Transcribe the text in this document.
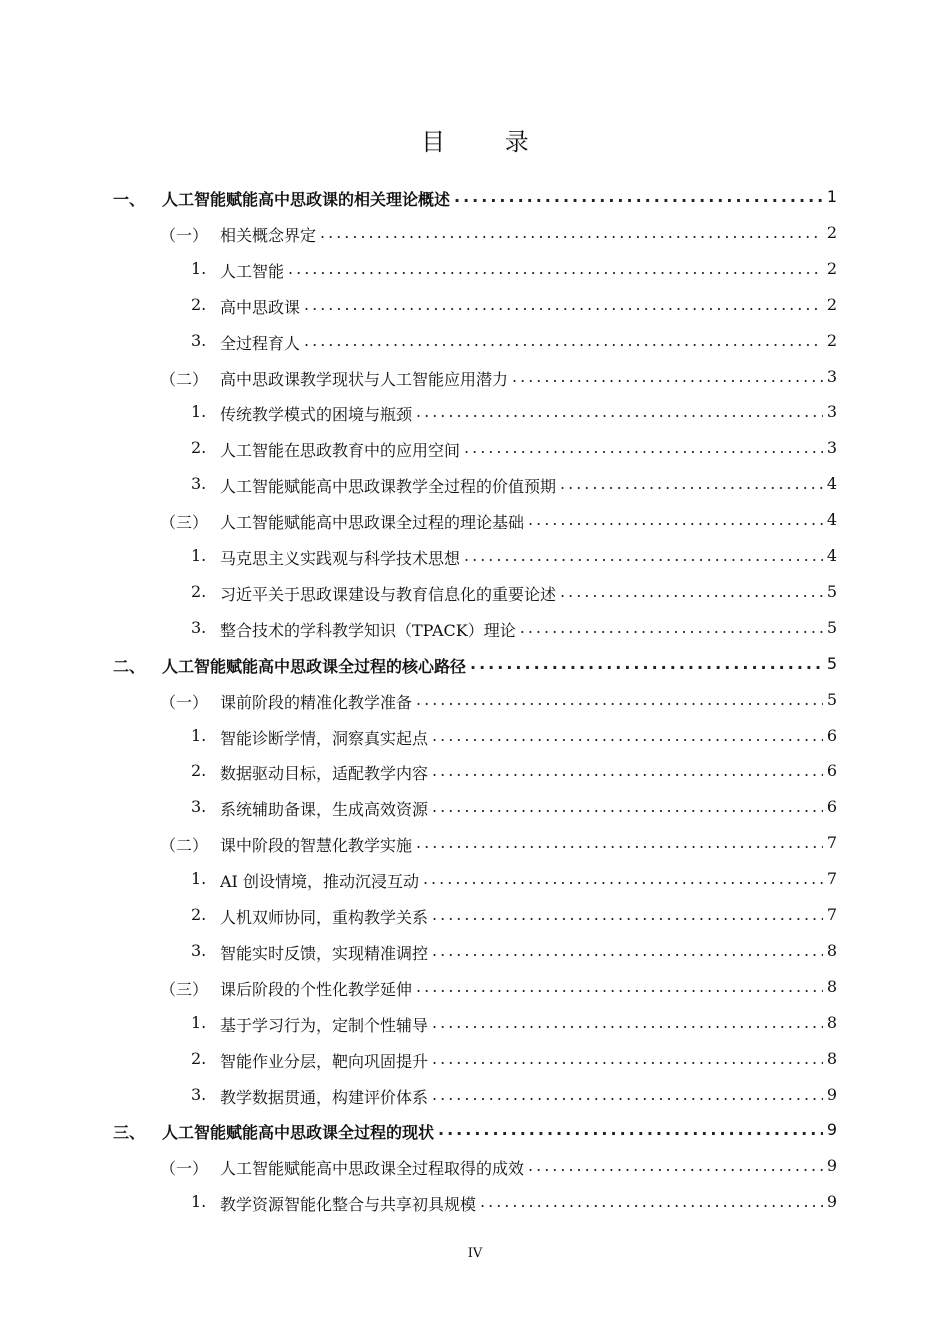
目 录
一、 人工智能赋能高中思政课的相关理论概述 .....	1
（一） 相关概念界定 .....	2
1. 人工智能 .....	2
2. 高中思政课 .....	2
3. 全过程育人 .....	2
（二） 高中思政课教学现状与人工智能应用潜力 .....	3
1. 传统教学模式的困境与瓶颈 .....	3
2. 人工智能在思政教育中的应用空间 .....	3
3. 人工智能赋能高中思政课教学全过程的价值预期 .....	4
（三） 人工智能赋能高中思政课全过程的理论基础 .....	4
1. 马克思主义实践观与科学技术思想 .....	4
2. 习近平关于思政课建设与教育信息化的重要论述 .....	5
3. 整合技术的学科教学知识（TPACK）理论 .....	5
二、 人工智能赋能高中思政课全过程的核心路径 .....	5
（一） 课前阶段的精准化教学准备 .....	5
1. 智能诊断学情，洞察真实起点 .....	6
2. 数据驱动目标，适配教学内容 .....	6
3. 系统辅助备课，生成高效资源 .....	6
（二） 课中阶段的智慧化教学实施 .....	7
1. AI 创设情境，推动沉浸互动 .....	7
2. 人机双师协同，重构教学关系 .....	7
3. 智能实时反馈，实现精准调控 .....	8
（三） 课后阶段的个性化教学延伸 .....	8
1. 基于学习行为，定制个性辅导 .....	8
2. 智能作业分层，靶向巩固提升 .....	8
3. 教学数据贯通，构建评价体系 .....	9
三、 人工智能赋能高中思政课全过程的现状 .....	9
（一） 人工智能赋能高中思政课全过程取得的成效 .....	9
1. 教学资源智能化整合与共享初具规模 .....	9
IV
